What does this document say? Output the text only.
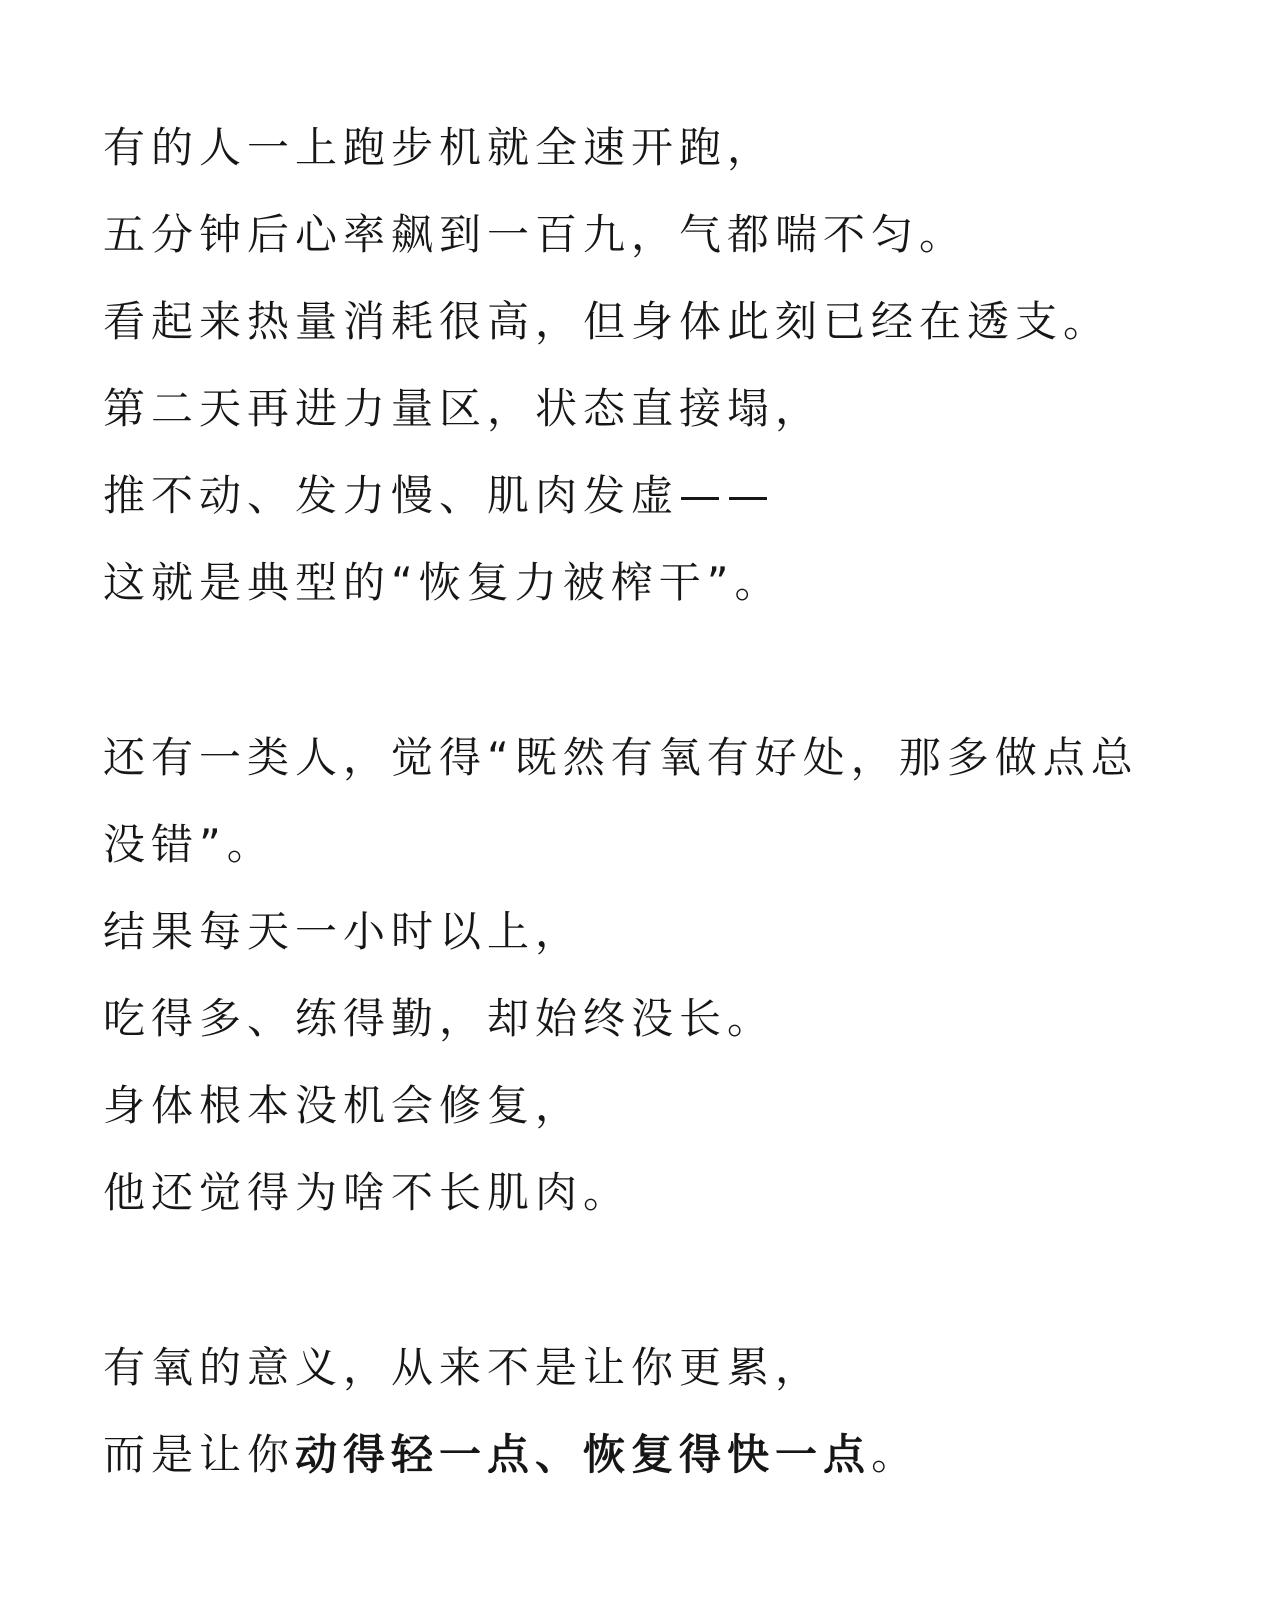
有的人一上跑步机就全速开跑，
五分钟后心率飙到一百九，气都喘不匀。
看起来热量消耗很高，但身体此刻已经在透支。
第二天再进力量区，状态直接塌，
推不动、发力慢、肌肉发虚——
这就是典型的“恢复力被榨干”。
还有一类人，觉得“既然有氧有好处，那多做点总
没错”。
结果每天一小时以上，
吃得多、练得勤，却始终没长。
身体根本没机会修复，
他还觉得为啥不长肌肉。
有氧的意义，从来不是让你更累，
而是让你动得轻一点、恢复得快一点。
